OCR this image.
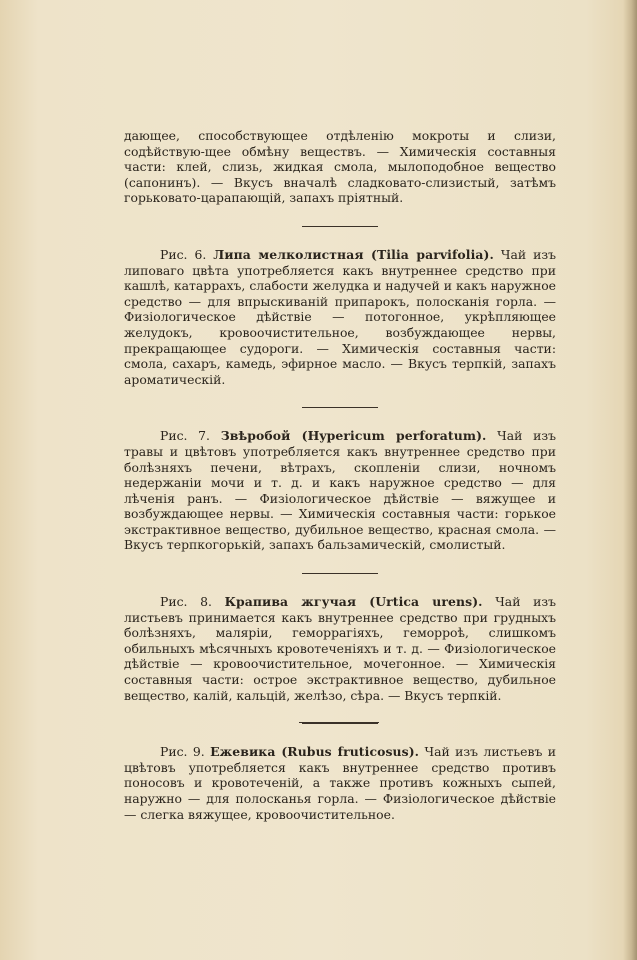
дающее, способствующее отдѣленію мокроты и слизи, содѣйствую-щее обмѣну веществъ. — Химическія составныя части: клей, слизь, жидкая смола, мылоподобное вещество (сапонинъ). — Вкусъ вначалѣ сладковато-слизистый, затѣмъ горьковато-царапающій, запахъ пріятный.

Рис. 6. Липа мелколистная (Tilia parvifolia). Чай изъ липоваго цвѣта употребляется какъ внутреннее средство при кашлѣ, катаррахъ, слабости желудка и надучей и какъ наружное средство — для впрыскиваній припарокъ, полосканія горла. — Физіологическое дѣйствіе — потогонное, укрѣпляющее желудокъ, кровоочистительное, возбуждающее нервы, прекращающее судороги. — Химическія составныя части: смола, сахаръ, камедь, эфирное масло. — Вкусъ терпкій, запахъ ароматическій.

Рис. 7. Звѣробой (Hypericum perforatum). Чай изъ травы и цвѣтовъ употребляется какъ внутреннее средство при болѣзняхъ печени, вѣтрахъ, скопленіи слизи, ночномъ недержаніи мочи и т. д. и какъ наружное средство — для лѣченія ранъ. — Физіологическое дѣйствіе — вяжущее и возбуждающее нервы. — Химическія составныя части: горькое экстрактивное вещество, дубильное вещество, красная смола. — Вкусъ терпкогорькій, запахъ бальзамическій, смолистый.

Рис. 8. Крапива жгучая (Urtica urens). Чай изъ листьевъ принимается какъ внутреннее средство при грудныхъ болѣзняхъ, маляріи, геморрагіяхъ, геморроѣ, слишкомъ обильныхъ мѣсячныхъ кровотеченіяхъ и т. д. — Физіологическое дѣйствіе — кровоочистительное, мочегонное. — Химическія составныя части: острое экстрактивное вещество, дубильное вещество, калій, кальцій, желѣзо, сѣра. — Вкусъ терпкій.

Рис. 9. Ежевика (Rubus fruticosus). Чай изъ листьевъ и цвѣтовъ употребляется какъ внутреннее средство противъ поносовъ и кровотеченій, а также противъ кожныхъ сыпей, наружно — для полосканья горла. — Физіологическое дѣйствіе — слегка вяжущее, кровоочистительное.
